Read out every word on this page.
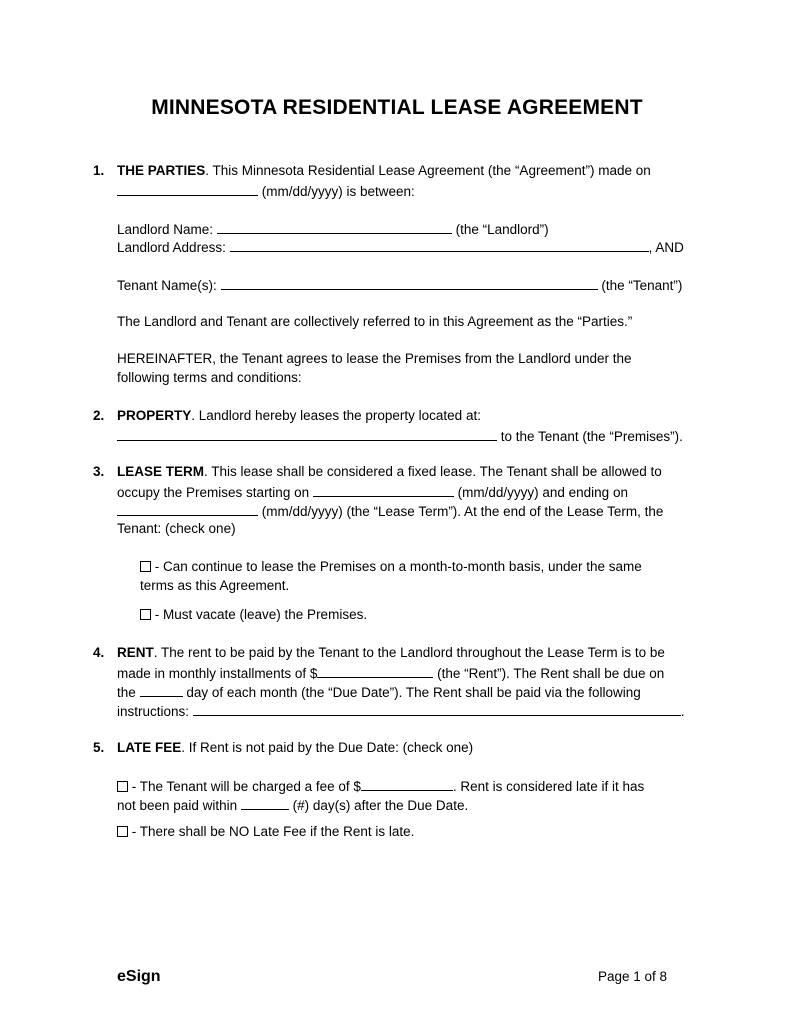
MINNESOTA RESIDENTIAL LEASE AGREEMENT
1. THE PARTIES. This Minnesota Residential Lease Agreement (the “Agreement”) made on
(mm/dd/yyyy) is between:
Landlord Name:	(the “Landlord”)
Landlord Address:	, AND
Tenant Name(s):	(the “Tenant”)
The Landlord and Tenant are collectively referred to in this Agreement as the “Parties.”
HEREINAFTER, the Tenant agrees to lease the Premises from the Landlord under the
following terms and conditions:
2. PROPERTY. Landlord hereby leases the property located at:
to the Tenant (the “Premises”).
3. LEASE TERM. This lease shall be considered a fixed lease. The Tenant shall be allowed to
occupy the Premises starting on	(mm/dd/yyyy) and ending on
(mm/dd/yyyy) (the “Lease Term”). At the end of the Lease Term, the
Tenant: (check one)
- Can continue to lease the Premises on a month-to-month basis, under the same
terms as this Agreement.
- Must vacate (leave) the Premises.
4. RENT. The rent to be paid by the Tenant to the Landlord throughout the Lease Term is to be
made in monthly installments of $	(the “Rent”). The Rent shall be due on
the	day of each month (the “Due Date”). The Rent shall be paid via the following
instructions:	.
5. LATE FEE. If Rent is not paid by the Due Date: (check one)
- The Tenant will be charged a fee of $	. Rent is considered late if it has
not been paid within	(#) day(s) after the Due Date.
- There shall be NO Late Fee if the Rent is late.
eSign	Page 1 of 8
